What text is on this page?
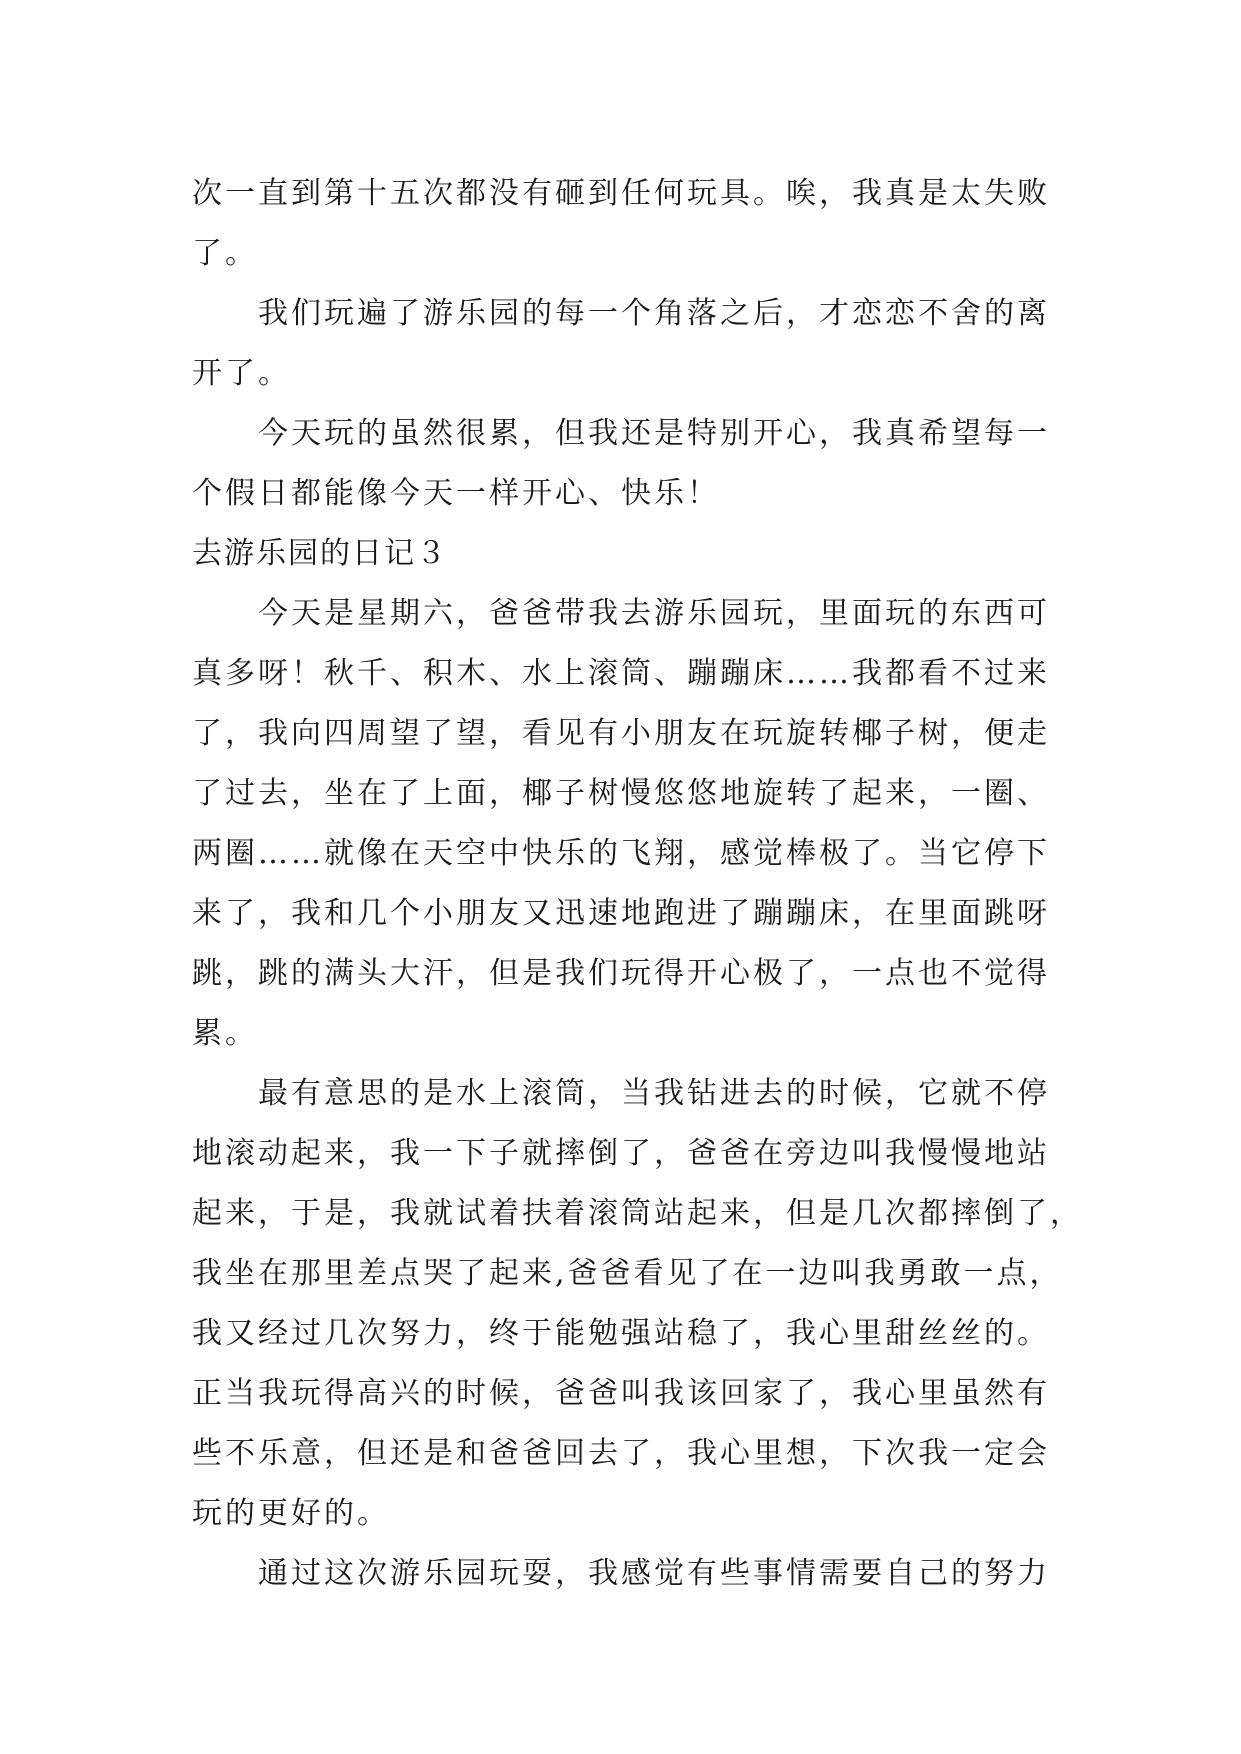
次一直到第十五次都没有砸到任何玩具。唉，我真是太失败
了。
我们玩遍了游乐园的每一个角落之后，才恋恋不舍的离
开了。
今天玩的虽然很累，但我还是特别开心，我真希望每一
个假日都能像今天一样开心、快乐！
去游乐园的日记３
今天是星期六，爸爸带我去游乐园玩，里面玩的东西可
真多呀！秋千、积木、水上滚筒、蹦蹦床……我都看不过来
了，我向四周望了望，看见有小朋友在玩旋转椰子树，便走
了过去，坐在了上面，椰子树慢悠悠地旋转了起来，一圈、
两圈……就像在天空中快乐的飞翔，感觉棒极了。当它停下
来了，我和几个小朋友又迅速地跑进了蹦蹦床，在里面跳呀
跳，跳的满头大汗，但是我们玩得开心极了，一点也不觉得
累。
最有意思的是水上滚筒，当我钻进去的时候，它就不停
地滚动起来，我一下子就摔倒了，爸爸在旁边叫我慢慢地站
起来，于是，我就试着扶着滚筒站起来，但是几次都摔倒了，
我坐在那里差点哭了起来,爸爸看见了在一边叫我勇敢一点，
我又经过几次努力，终于能勉强站稳了，我心里甜丝丝的。
正当我玩得高兴的时候，爸爸叫我该回家了，我心里虽然有
些不乐意，但还是和爸爸回去了，我心里想，下次我一定会
玩的更好的。
通过这次游乐园玩耍，我感觉有些事情需要自己的努力
